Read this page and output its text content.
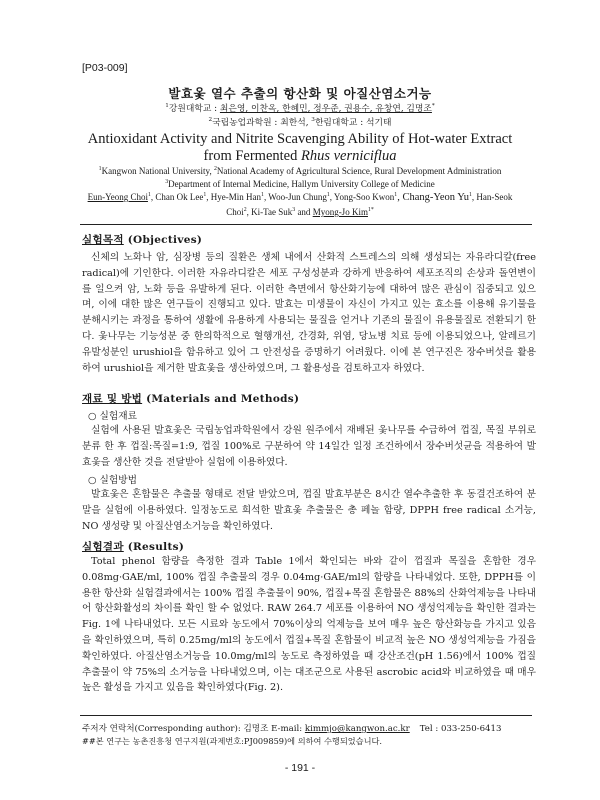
[P03-009]
발효옻 열수 추출의 항산화 및 아질산염소거능
$^1$강원대학교 : 최은영, 이찬옥, 한혜민, 정우준, 권용수, 유창연, 김명조*
$^2$국립농업과학원 : 최한석, $^3$한림대학교 : 석기태
Antioxidant Activity and Nitrite Scavenging Ability of Hot-water Extract
from Fermented Rhus verniciflua
$^1$Kangwon National University, $^2$National Academy of Agricultural Science, Rural Development Administration
$^3$Department of Internal Medicine, Hallym University College of Medicine
Eun-Yeong Choi$^1$, Chan Ok Lee$^1$, Hye-Min Han$^1$, Woo-Jun Chung$^1$, Yong-Soo Kwon$^1$, Chang-Yeon Yu$^1$, Han-Seok
Choi$^2$, Ki-Tae Suk$^3$ and Myong-Jo Kim$^{1*}$
실험목적 (Objectives)

신체의 노화나 암, 심장병 등의 질환은 생체 내에서 산화적 스트레스의 의해 생성되는 자유라디칼(free radical)에 기인한다. 이러한 자유라디칼은 세포 구성성분과 강하게 반응하여 세포조직의 손상과 돌연변이를 일으켜 암, 노화 등을 유발하게 된다. 이러한 측면에서 항산화기능에 대하여 많은 관심이 집중되고 있으며, 이에 대한 많은 연구들이 진행되고 있다. 발효는 미생물이 자신이 가지고 있는 효소를 이용해 유기물을 분해시키는 과정을 통하여 생활에 유용하게 사용되는 물질을 얻거나 기존의 물질이 유용물질로 전환되기 한다. 옻나무는 기능성분 중 한의학적으로 혈행개선, 간경화, 위염, 당뇨병 치료 등에 이용되었으나, 알레르기 유발성분인 urushiol을 함유하고 있어 그 안전성을 증명하기 어려웠다. 이에 본 연구진은 장수버섯을 활용하여 urushiol을 제거한 발효옻을 생산하였으며, 그 활용성을 검토하고자 하였다.

재료 및 방법 (Materials and Methods)
○ 실험재료

실험에 사용된 발효옻은 국립농업과학원에서 강원 원주에서 재배된 옻나무를 수급하여 껍질, 목질 부위로 분류 한 후 껍질:목질=1:9, 껍질 100%로 구분하여 약 14일간 일정 조건하에서 장수버섯균을 적용하여 발효옻을 생산한 것을 전달받아 실험에 이용하였다.

○ 실험방법

발효옻은 혼합물은 추출물 형태로 전달 받았으며, 껍질 발효부분은 8시간 열수추출한 후 동결건조하여 분말을 실험에 이용하였다. 일정농도로 희석한 발효옻 추출물은 총 페놀 함량, DPPH free radical 소거능, NO 생성량 및 아질산염소거능을 확인하였다.

실험결과 (Results)

Total phenol 함량을 측정한 결과 Table 1에서 확인되는 바와 같이 껍질과 목질을 혼합한 경우 0.08mg·GAE/ml, 100% 껍질 추출물의 경우 0.04mg·GAE/ml의 함량을 나타내었다. 또한, DPPH를 이용한 항산화 실험결과에서는 100% 껍질 추출물이 90%, 껍질+목질 혼합물은 88%의 산화억제능을 나타내어 항산화활성의 차이를 확인 할 수 없었다. RAW 264.7 세포를 이용하여 NO 생성억제능을 확인한 결과는 Fig. 1에 나타내었다. 모든 시료와 농도에서 70%이상의 억제능을 보여 매우 높은 항산화능을 가지고 있음을 확인하였으며, 특히 0.25mg/ml의 농도에서 껍질+목질 혼합물이 비교적 높은 NO 생성억제능을 가짐을 확인하였다. 아질산염소거능을 10.0mg/ml의 농도로 측정하였을 때 강산조건(pH 1.56)에서 100% 껍질 추출물이 약 75%의 소거능을 나타내었으며, 이는 대조군으로 사용된 ascrobic acid와 비교하였을 때 매우 높은 활성을 가지고 있음을 확인하였다(Fig. 2).

주저자 연락처(Corresponding author): 김명조 E-mail: kimmjo@kangwon.ac.kr Tel : 033-250-6413
##본 연구는 농촌진흥청 연구지원(과제번호:PJ009859)에 의하여 수행되었습니다.
- 191 -
